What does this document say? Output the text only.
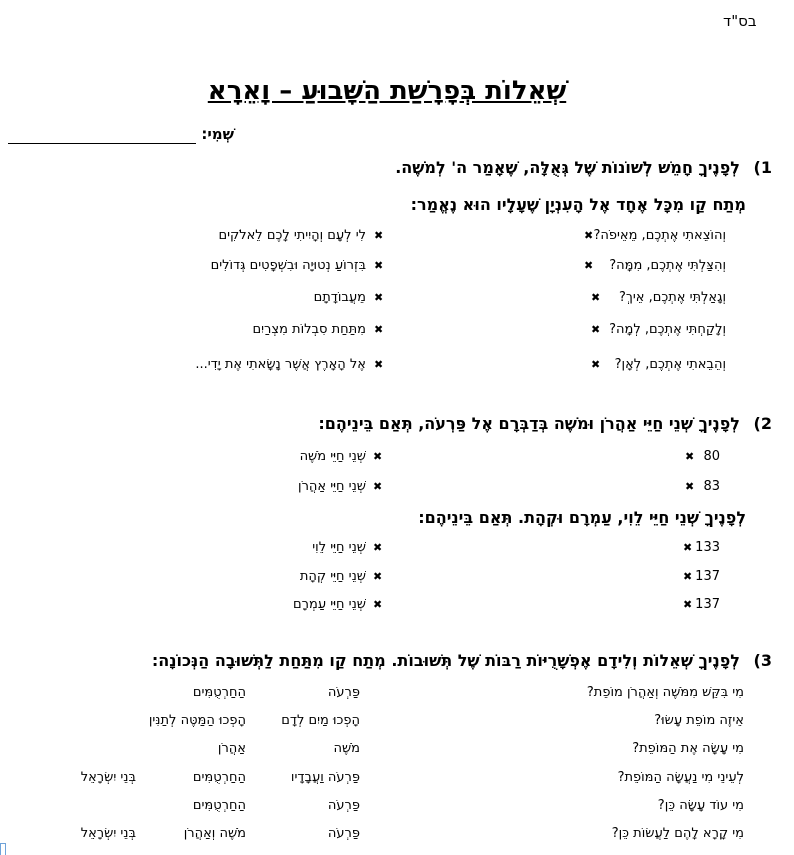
בס"ד
שְׁאֵלוֹת בְּפָרָשַׁת הַשָּׁבוּעַ – וָאֵרָא
שְׁמִי:
1) לְפָנֶיךָ חָמֵשׁ לְשׁוֹנוֹת שֶׁל גְּאֻלָּה, שֶׁאָמַר ה' לְמֹשֶׁה.
מְתַח קַו מִכָּל אֶחָד אֶל הָעִנְיָן שֶׁעָלָיו הוּא נֶאֱמַר:
וְהוֹצֵאתִי אֶתְכֶם, מֵאֵיפֹה?
✖
וְהִצַּלְתִּי אֶתְכֶם, מִמָּה?
✖
וְגָאַלְתִּי אֶתְכֶם, אֵיךְ?
✖
וְלָקַחְתִּי אֶתְכֶם, לְמָה?
✖
וְהֵבֵאתִי אֶתְכֶם, לְאָן?
✖
לִי לְעָם וְהָיִיתִי לָכֶם לֵאלֹקִים ✖
בִּזְרוֹעַ נְטוּיָה וּבִשְׁפָטִים גְּדוֹלִים ✖
מֵעֲבוֹדָתָם ✖
מִתַּחַת סִבְלוֹת מִצְרַיִם ✖
אֶל הָאָרֶץ אֲשֶׁר נָשָׂאתִי אֶת יָדִי... ✖
2) לְפָנֶיךָ שְׁנֵי חַיֵּי אַהֲרֹן וּמֹשֶׁה בְּדַבְּרָם אֶל פַּרְעֹה, תְּאַם בֵּינֵיהֶם:
לְפָנֶיךָ שְׁנֵי חַיֵּי לֵוִי, עַמְרָם וּקְהָת. תְּאַם בֵּינֵיהֶם:
80
✖
83
✖
שְׁנֵי חַיֵּי מֹשֶׁה ✖
שְׁנֵי חַיֵּי אַהֲרֹן ✖
133
✖
137
✖
137
✖
שְׁנֵי חַיֵּי לֵוִי ✖
שְׁנֵי חַיֵּי קְהָת ✖
שְׁנֵי חַיֵּי עַמְרָם ✖
3) לְפָנֶיךָ שְׁאֵלוֹת וְלִידָם אֶפְשָׁרֻיּוֹת רַבּוֹת שֶׁל תְּשׁוּבוֹת. מְתַח קַו מִתַּחַת לַתְּשׁוּבָה הַנְּכוֹנָה:
מִי בִּקֵּשׁ מִמֹּשֶׁה וְאַהֲרֹן מוֹפֵת?
פַּרְעֹה
הַחַרְטֻמִּים
אֵיזֶה מוֹפֵת עָשׂוּ?
הָפְכוּ מַיִם לְדָם
הָפְכוּ הַמַּטֶּה לְתַנִּין
מִי עָשָׂה אֶת הַמּוֹפֵת?
מֹשֶׁה
אַהֲרֹן
לְעֵינֵי מִי נַעֲשָׂה הַמּוֹפֵת?
פַּרְעֹה וַעֲבָדָיו
הַחַרְטֻמִּים
בְּנֵי יִשְׂרָאֵל
מִי עוֹד עָשָׂה כֵּן?
פַּרְעֹה
הַחַרְטֻמִּים
מִי קָרָא לָהֶם לַעֲשׂוֹת כֵּן?
פַּרְעֹה
מֹשֶׁה וְאַהֲרֹן
בְּנֵי יִשְׂרָאֵל
